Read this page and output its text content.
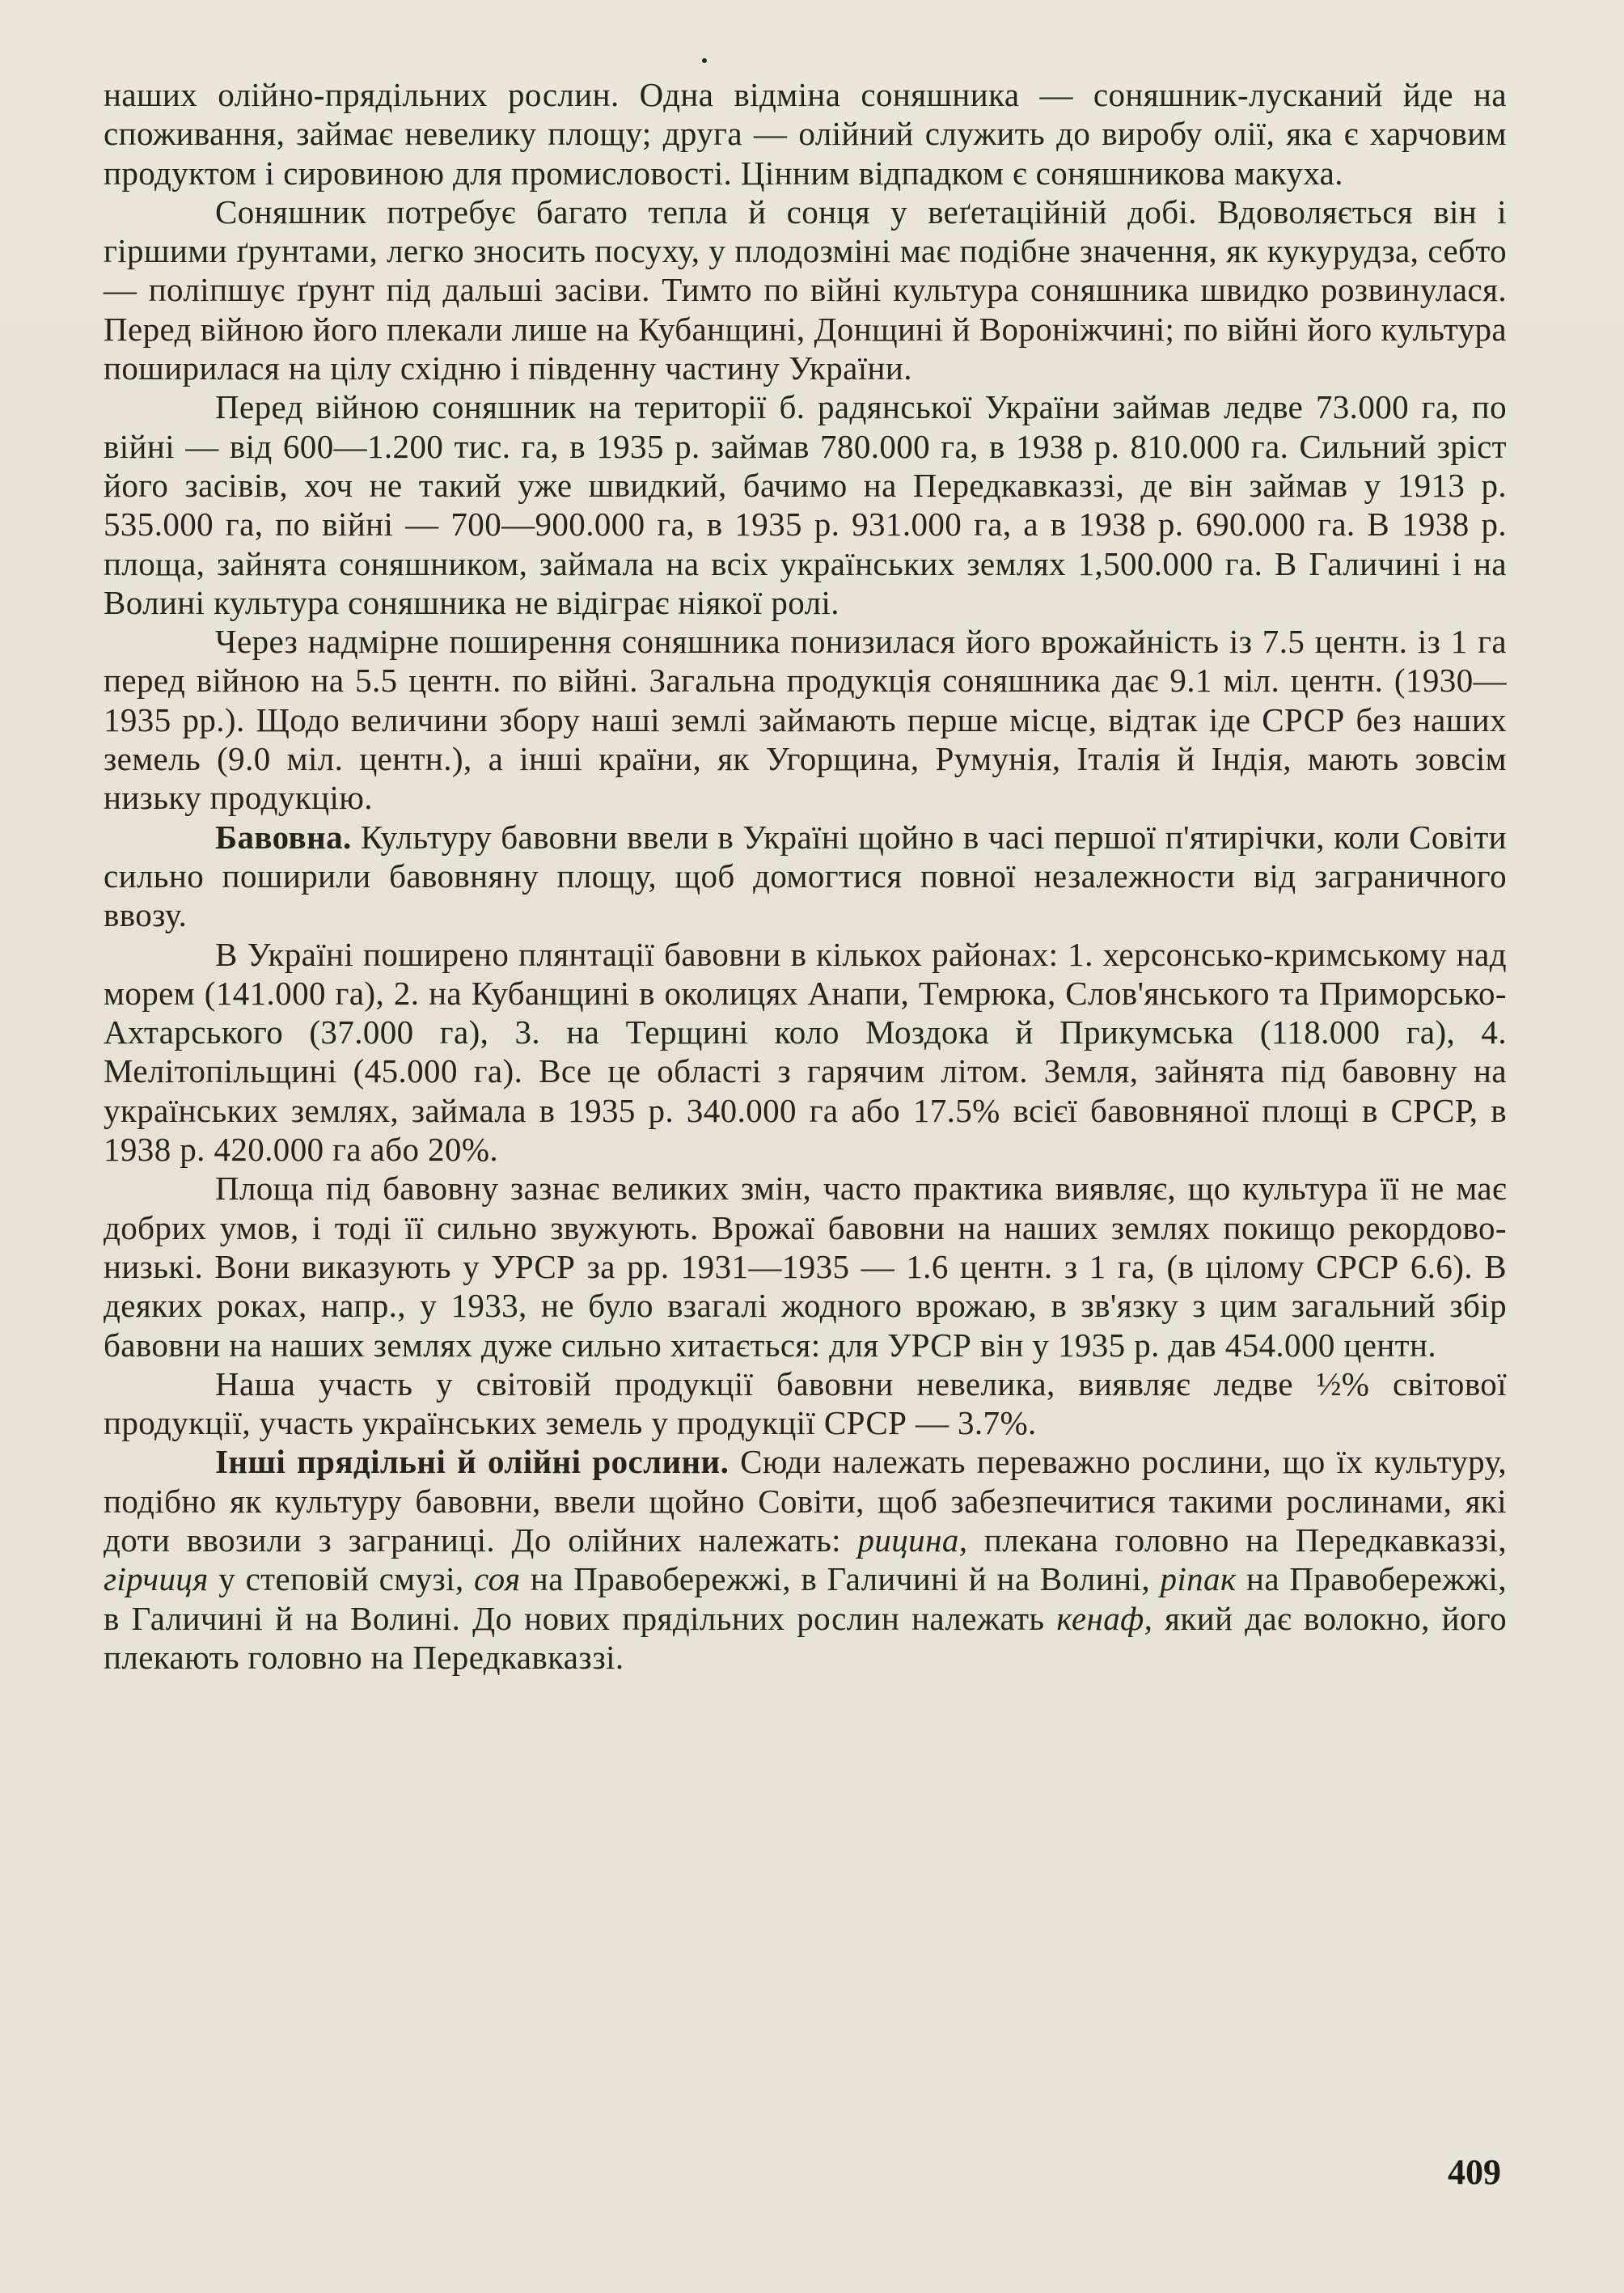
наших олійно-прядільних рослин. Одна відміна соняшника — соняшник-лусканий йде на споживання, займає невелику площу; друга — олійний служить до виробу олії, яка є харчовим продуктом і сировиною для промисловості. Цінним відпадком є соняшникова макуха.

Соняшник потребує багато тепла й сонця у веґетаційній добі. Вдоволяється він і гіршими ґрунтами, легко зносить посуху, у плодозміні має подібне значення, як кукурудза, себто — поліпшує ґрунт під дальші засіви. Тимто по війні культура соняшника швидко розвинулася. Перед війною його плекали лише на Кубанщині, Донщині й Вороніжчині; по війні його культура поширилася на цілу східню і південну частину України.

Перед війною соняшник на території б. радянської України займав ледве 73.000 га, по війні — від 600—1.200 тис. га, в 1935 р. займав 780.000 га, в 1938 р. 810.000 га. Сильний зріст його засівів, хоч не такий уже швидкий, бачимо на Передкавказзі, де він займав у 1913 р. 535.000 га, по війні — 700—900.000 га, в 1935 р. 931.000 га, а в 1938 р. 690.000 га. В 1938 р. площа, зайнята соняшником, займала на всіх українських землях 1,500.000 га. В Галичині і на Волині культура соняшника не відіграє ніякої ролі.

Через надмірне поширення соняшника понизилася його врожайність із 7.5 центн. із 1 га перед війною на 5.5 центн. по війні. Загальна продукція соняшника дає 9.1 міл. центн. (1930—1935 рр.). Щодо величини збору наші землі займають перше місце, відтак іде СРСР без наших земель (9.0 міл. центн.), а інші країни, як Угорщина, Румунія, Італія й Індія, мають зовсім низьку продукцію.

Бавовна. Культуру бавовни ввели в Україні щойно в часі першої п'ятирічки, коли Совіти сильно поширили бавовняну площу, щоб домогтися повної незалежности від заграничного ввозу.

В Україні поширено плянтації бавовни в кількох районах: 1. херсонсько-кримському над морем (141.000 га), 2. на Кубанщині в околицях Анапи, Темрюка, Слов'янського та Приморсько-Ахтарського (37.000 га), 3. на Терщині коло Моздока й Прикумська (118.000 га), 4. Мелітопільщині (45.000 га). Все це області з гарячим літом. Земля, зайнята під бавовну на українських землях, займала в 1935 р. 340.000 га або 17.5% всієї бавовняної площі в СРСР, в 1938 р. 420.000 га або 20%.

Площа під бавовну зазнає великих змін, часто практика виявляє, що культура її не має добрих умов, і тоді її сильно звужують. Врожаї бавовни на наших землях покищо рекордово-низькі. Вони виказують у УРСР за рр. 1931—1935 — 1.6 центн. з 1 га, (в цілому СРСР 6.6). В деяких роках, напр., у 1933, не було взагалі жодного врожаю, в зв'язку з цим загальний збір бавовни на наших землях дуже сильно хитається: для УРСР він у 1935 р. дав 454.000 центн.

Наша участь у світовій продукції бавовни невелика, виявляє ледве ½% світової продукції, участь українських земель у продукції СРСР — 3.7%.

Інші прядільні й олійні рослини. Сюди належать переважно рослини, що їх культуру, подібно як культуру бавовни, ввели щойно Совіти, щоб забезпечитися такими рослинами, які доти ввозили з заграниці. До олійних належать: рицина, плекана головно на Передкавказзі, гірчиця у степовій смузі, соя на Правобережжі, в Галичині й на Волині, ріпак на Правобережжі, в Галичині й на Волині. До нових прядільних рослин належать кенаф, який дає волокно, його плекають головно на Передкавказзі.

409
